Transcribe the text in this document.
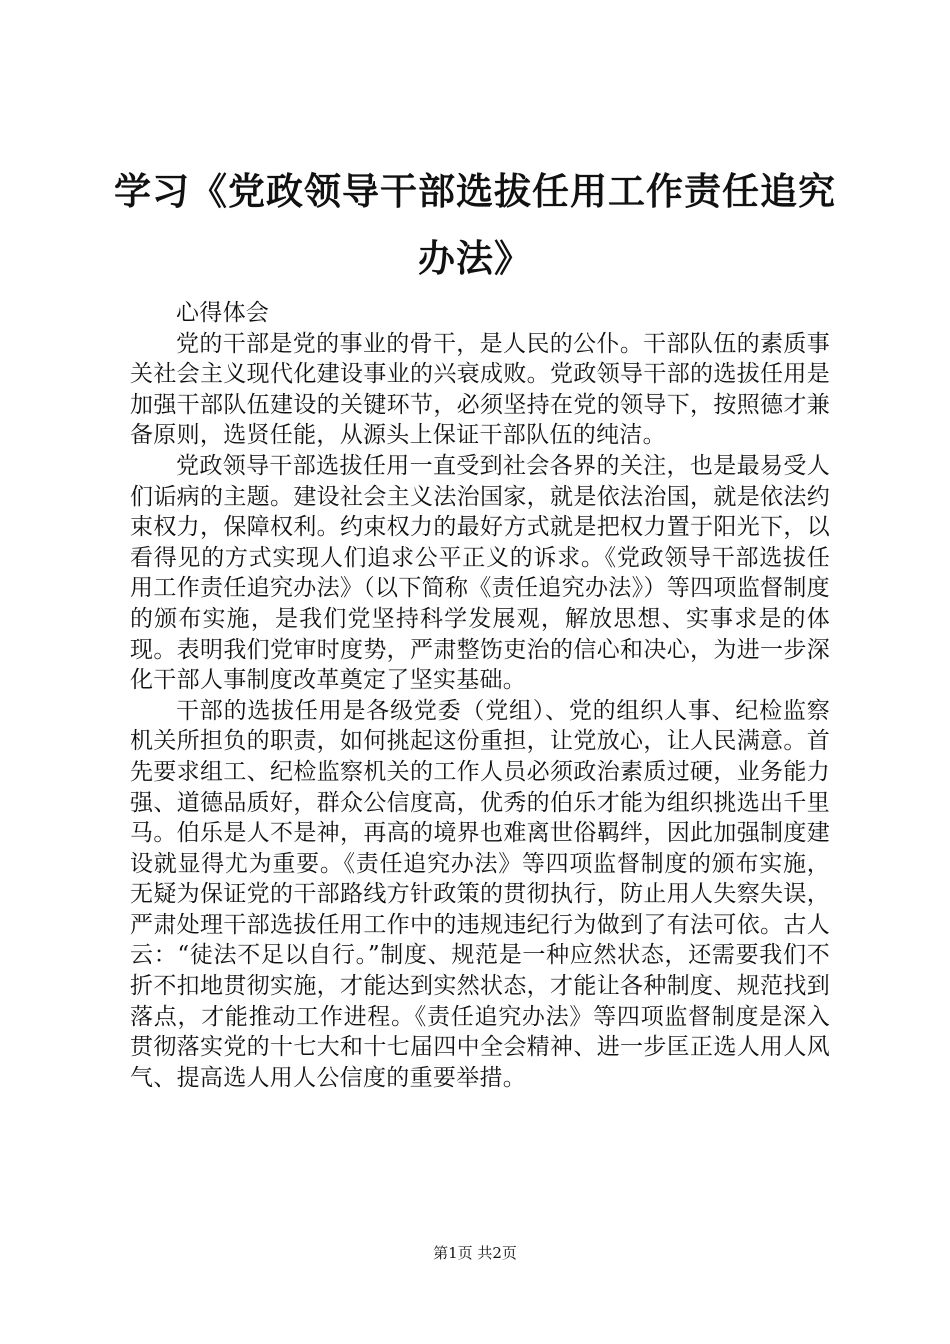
学习《党政领导干部选拔任用工作责任追究办法》

心得体会

党的干部是党的事业的骨干，是人民的公仆。干部队伍的素质事关社会主义现代化建设事业的兴衰成败。党政领导干部的选拔任用是加强干部队伍建设的关键环节，必须坚持在党的领导下，按照德才兼备原则，选贤任能，从源头上保证干部队伍的纯洁。

党政领导干部选拔任用一直受到社会各界的关注，也是最易受人们诟病的主题。建设社会主义法治国家，就是依法治国，就是依法约束权力，保障权利。约束权力的最好方式就是把权力置于阳光下，以看得见的方式实现人们追求公平正义的诉求。《党政领导干部选拔任用工作责任追究办法》（以下简称《责任追究办法》）等四项监督制度的颁布实施，是我们党坚持科学发展观，解放思想、实事求是的体现。表明我们党审时度势，严肃整饬吏治的信心和决心，为进一步深化干部人事制度改革奠定了坚实基础。

干部的选拔任用是各级党委（党组）、党的组织人事、纪检监察机关所担负的职责，如何挑起这份重担，让党放心，让人民满意。首先要求组工、纪检监察机关的工作人员必须政治素质过硬，业务能力强、道德品质好，群众公信度高，优秀的伯乐才能为组织挑选出千里马。伯乐是人不是神，再高的境界也难离世俗羁绊，因此加强制度建设就显得尤为重要。《责任追究办法》等四项监督制度的颁布实施，无疑为保证党的干部路线方针政策的贯彻执行，防止用人失察失误，严肃处理干部选拔任用工作中的违规违纪行为做到了有法可依。古人云：“徒法不足以自行。”制度、规范是一种应然状态，还需要我们不折不扣地贯彻实施，才能达到实然状态，才能让各种制度、规范找到落点，才能推动工作进程。《责任追究办法》等四项监督制度是深入贯彻落实党的十七大和十七届四中全会精神、进一步匡正选人用人风气、提高选人用人公信度的重要举措。

第1页 共2页
